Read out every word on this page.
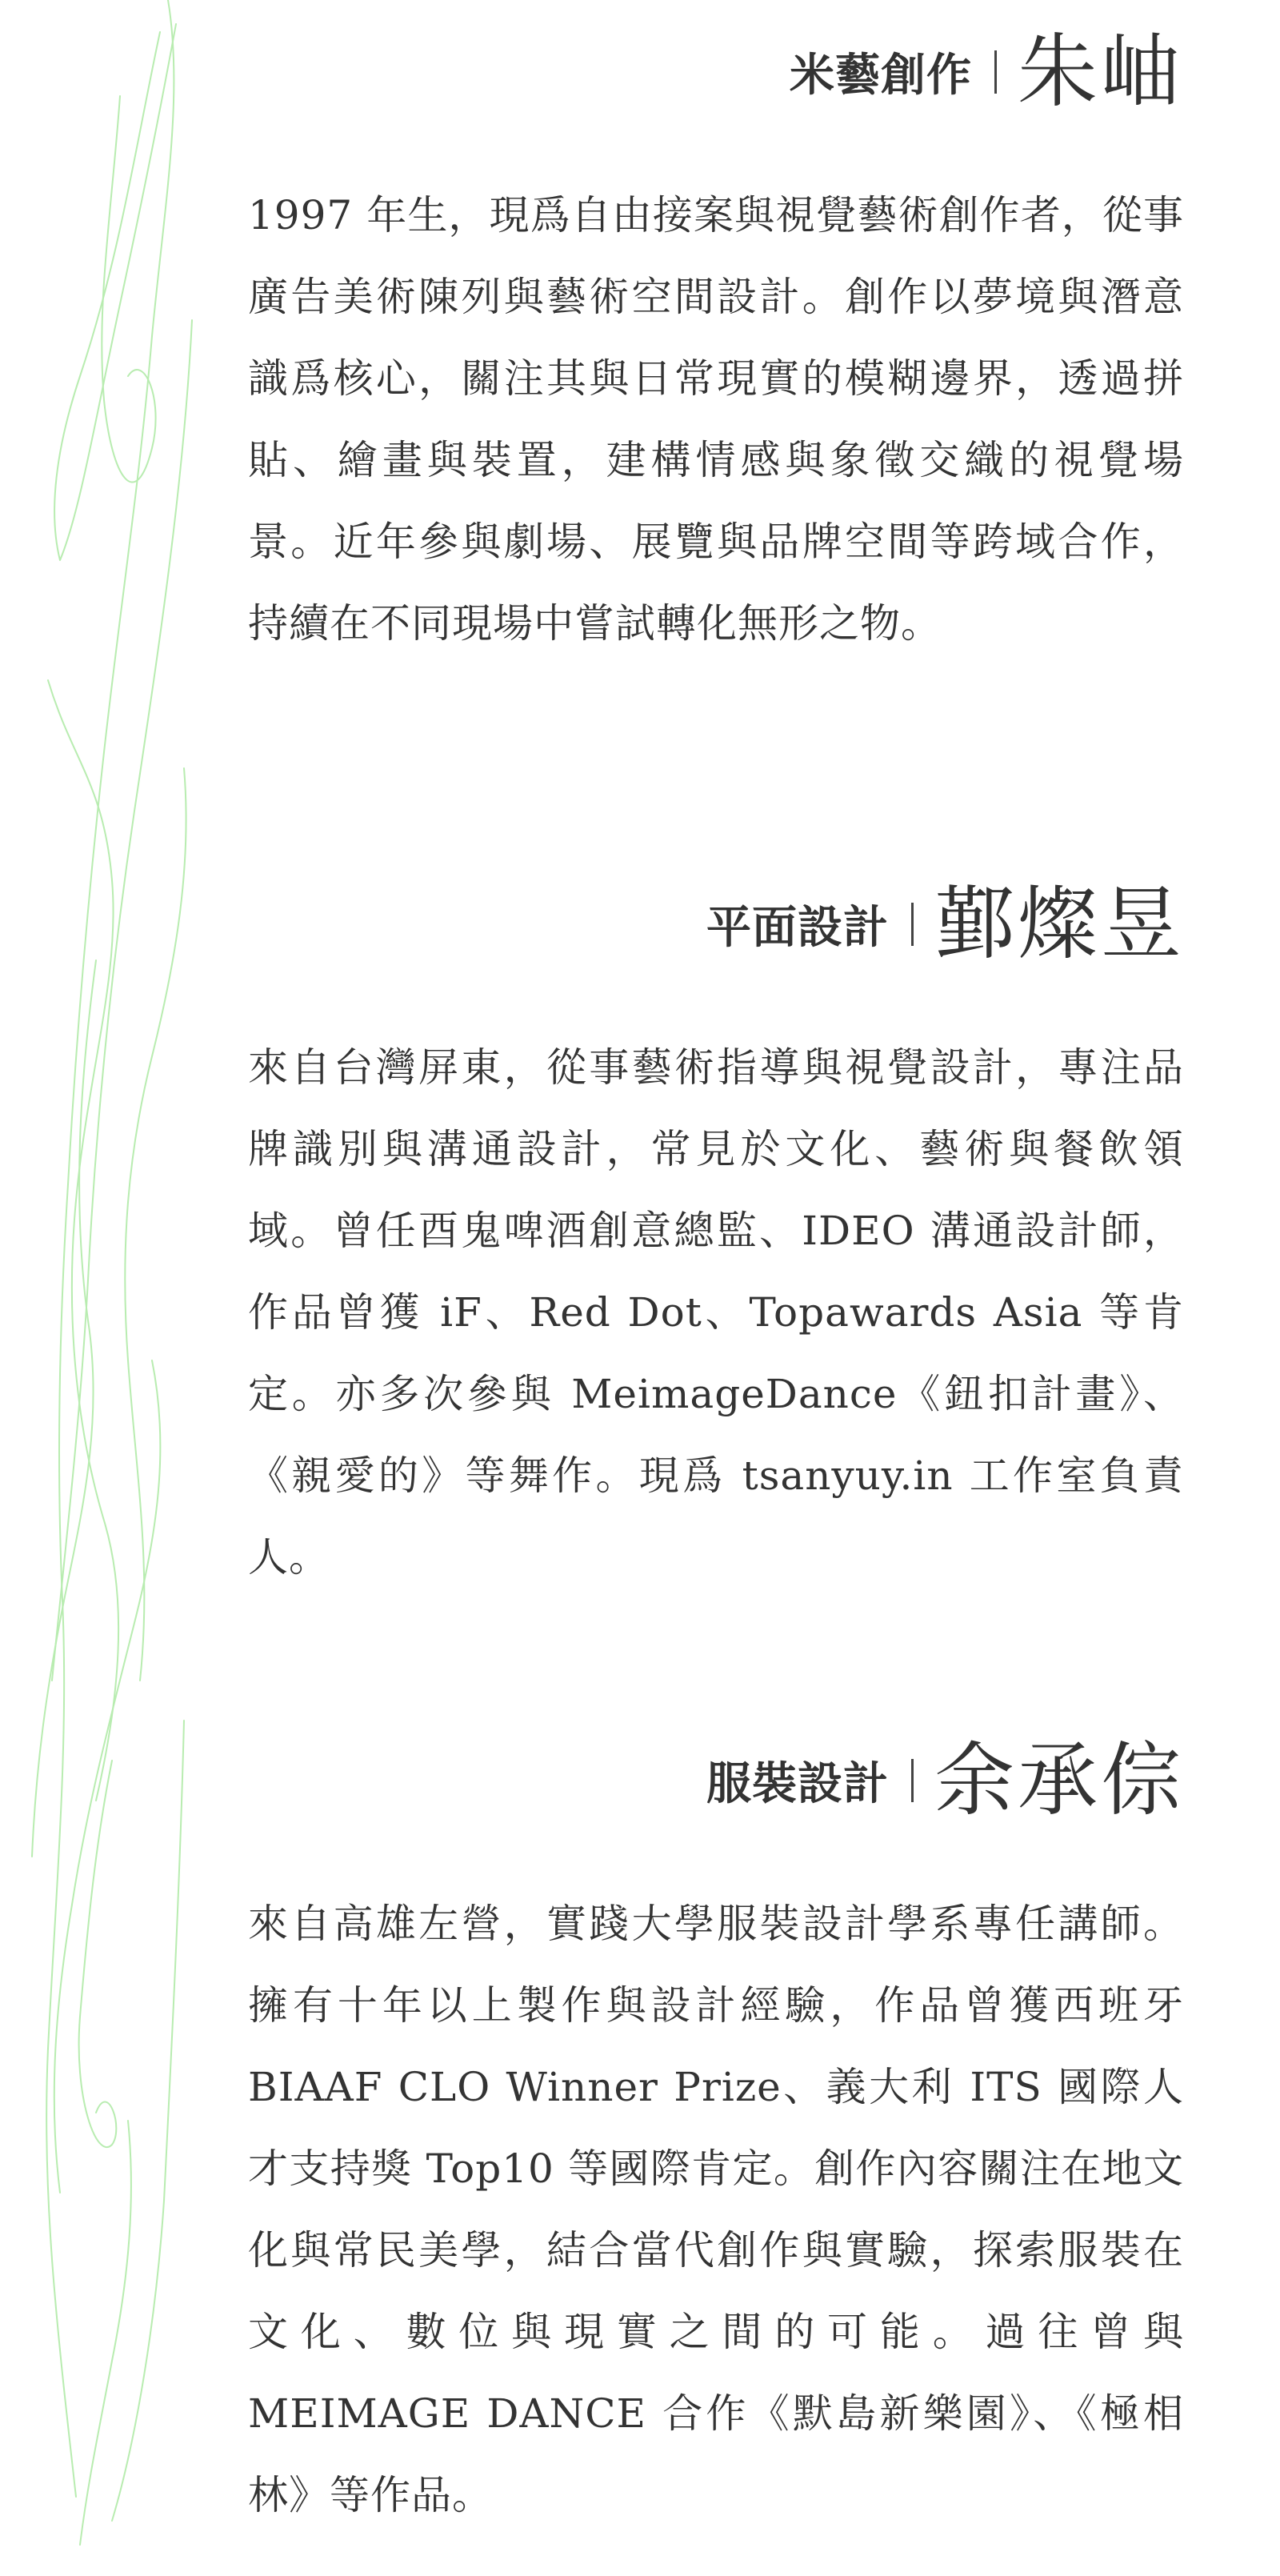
米藝創作 朱岫

1997 年生，現爲自由接案與視覺藝術創作者，從事廣告美術陳列與藝術空間設計。創作以夢境與潛意識爲核心，關注其與日常現實的模糊邊界，透過拼貼、繪畫與裝置，建構情感與象徵交織的視覺場景。近年參與劇場、展覽與品牌空間等跨域合作，持續在不同現場中嘗試轉化無形之物。

平面設計 鄞燦昱

來自台灣屏東，從事藝術指導與視覺設計，專注品牌識別與溝通設計，常見於文化、藝術與餐飲領域。曾任酉鬼啤酒創意總監、IDEO 溝通設計師，作品曾獲 iF、Red Dot、Topawards Asia 等肯定。亦多次參與 MeimageDance《鈕扣計畫》、《親愛的》等舞作。現爲 tsanyuy.in 工作室負責人。

服裝設計 余承倧

來自高雄左營，實踐大學服裝設計學系專任講師。擁有十年以上製作與設計經驗，作品曾獲西班牙 BIAAF CLO Winner Prize、義大利 ITS 國際人才支持獎 Top10 等國際肯定。創作內容關注在地文化與常民美學，結合當代創作與實驗，探索服裝在文化、數位與現實之間的可能。過往曾與 MEIMAGE DANCE 合作《默島新樂園》、《極相林》等作品。
